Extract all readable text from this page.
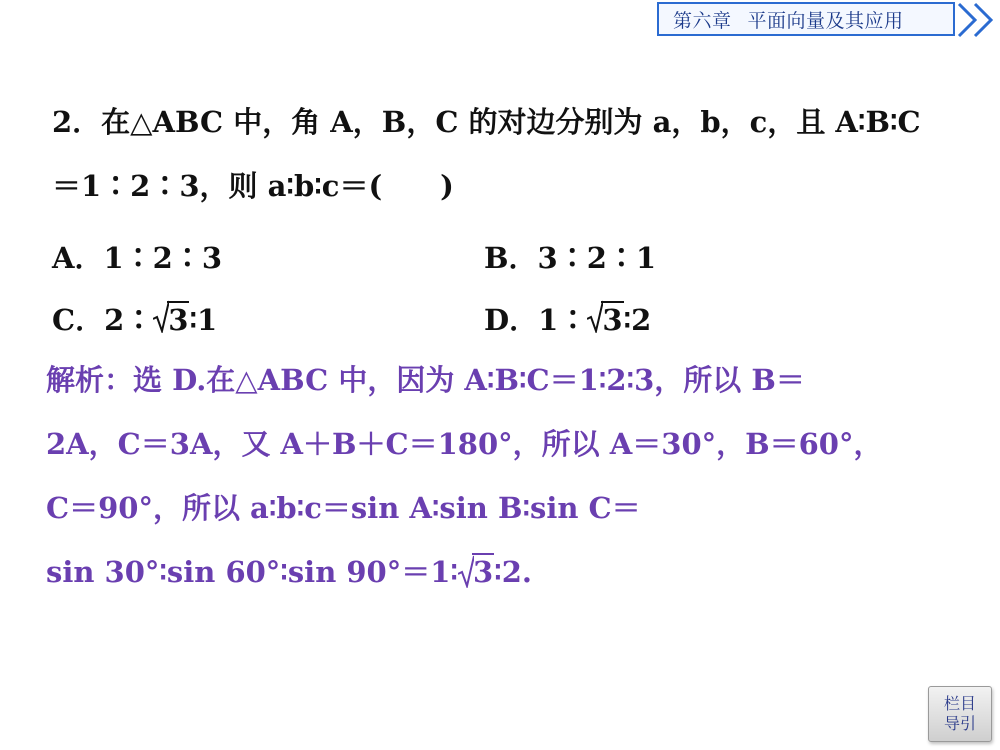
第六章 平面向量及其应用
2．在△ABC 中，角 A，B，C 的对边分别为 a，b，c，且 A∶B∶C
＝1∶2∶3，则 a∶b∶c＝(　　)
A．1∶2∶3	B．3∶2∶1
C．2∶ 3∶1	D．1∶ 3∶2
解析：选 D.在△ABC 中，因为 A∶B∶C＝1∶2∶3，所以 B＝
2A，C＝3A，又 A＋B＋C＝180°，所以 A＝30°，B＝60°，
C＝90°，所以 a∶b∶c＝sin A∶sin B∶sin C＝
sin 30°∶sin 60°∶sin 90°＝1∶ 3∶2.
栏目
导引
